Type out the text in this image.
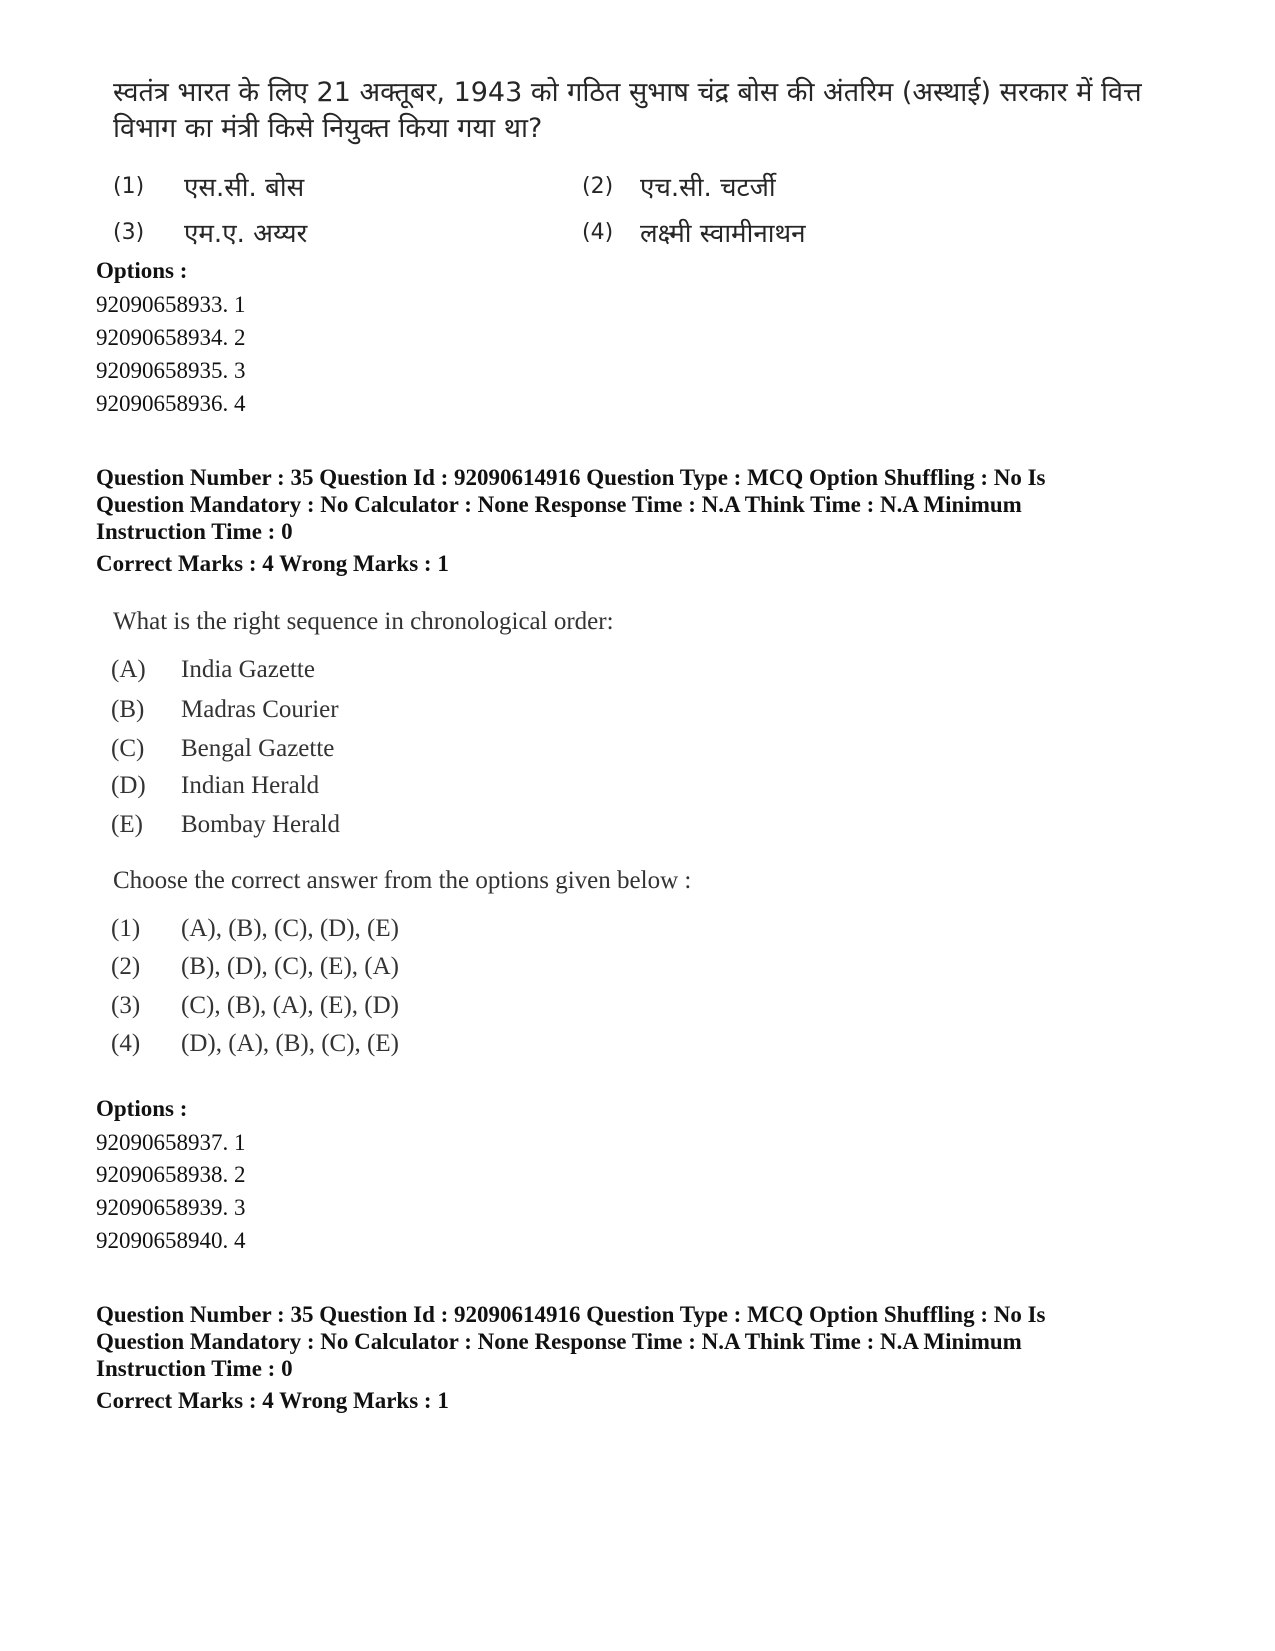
स्वतंत्र भारत के लिए 21 अक्तूबर, 1943 को गठित सुभाष चंद्र बोस की अंतरिम (अस्थाई) सरकार में वित्त
विभाग का मंत्री किसे नियुक्त किया गया था?
(1) एस.सी. बोस	(2) एच.सी. चटर्जी
(3) एम.ए. अय्यर	(4) लक्ष्मी स्वामीनाथन
Options :
92090658933. 1
92090658934. 2
92090658935. 3
92090658936. 4
Question Number : 35 Question Id : 92090614916 Question Type : MCQ Option Shuffling : No Is
Question Mandatory : No Calculator : None Response Time : N.A Think Time : N.A Minimum
Instruction Time : 0
Correct Marks : 4 Wrong Marks : 1
What is the right sequence in chronological order:
(A) India Gazette
(B) Madras Courier
(C) Bengal Gazette
(D) Indian Herald
(E) Bombay Herald
Choose the correct answer from the options given below :
(1) (A), (B), (C), (D), (E)
(2) (B), (D), (C), (E), (A)
(3) (C), (B), (A), (E), (D)
(4) (D), (A), (B), (C), (E)
Options :
92090658937. 1
92090658938. 2
92090658939. 3
92090658940. 4
Question Number : 35 Question Id : 92090614916 Question Type : MCQ Option Shuffling : No Is
Question Mandatory : No Calculator : None Response Time : N.A Think Time : N.A Minimum
Instruction Time : 0
Correct Marks : 4 Wrong Marks : 1
